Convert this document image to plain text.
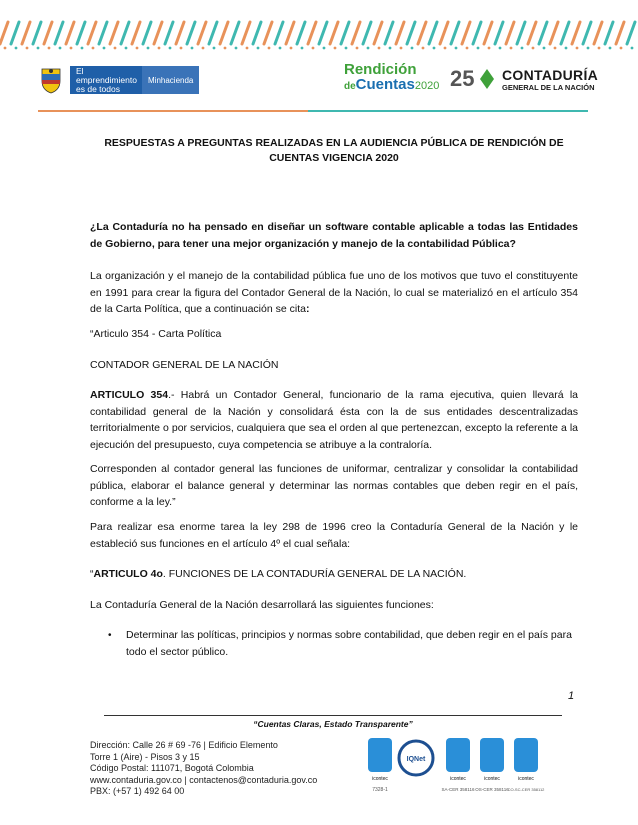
El emprendimiento
es de todos
Minhacienda
Rendición
deCuentas2020 25	CONTADURÍA
GENERAL DE LA NACIÓN
RESPUESTAS A PREGUNTAS REALIZADAS EN LA AUDIENCIA PÚBLICA DE RENDICIÓN DE
CUENTAS VIGENCIA 2020
¿La Contaduría no ha pensado en diseñar un software contable aplicable a todas las Entidades de Gobierno, para tener una mejor organización y manejo de la contabilidad Pública?
La organización y el manejo de la contabilidad pública fue uno de los motivos que tuvo el constituyente en 1991 para crear la figura del Contador General de la Nación, lo cual se materializó en el artículo 354 de la Carta Política, que a continuación se cita:
“Articulo 354 - Carta Política
CONTADOR GENERAL DE LA NACIÓN
ARTICULO 354.- Habrá un Contador General, funcionario de la rama ejecutiva, quien llevará la contabilidad general de la Nación y consolidará ésta con la de sus entidades descentralizadas territorialmente o por servicios, cualquiera que sea el orden al que pertenezcan, excepto la referente a la ejecución del presupuesto, cuya competencia se atribuye a la contraloría.
Corresponden al contador general las funciones de uniformar, centralizar y consolidar la contabilidad pública, elaborar el balance general y determinar las normas contables que deben regir en el país, conforme a la ley.”
Para realizar esa enorme tarea la ley 298 de 1996 creo la Contaduría General de la Nación y le estableció sus funciones en el artículo 4º el cual señala:
“ARTICULO 4o. FUNCIONES DE LA CONTADURÍA GENERAL DE LA NACIÓN.
La Contaduría General de la Nación desarrollará las siguientes funciones:
•	Determinar las políticas, principios y normas sobre contabilidad, que deben regir en el país para todo el sector público.
1
“Cuentas Claras, Estado Transparente”
Dirección: Calle 26 # 69 -76 | Edificio Elemento
Torre 1 (Aire) - Pisos 3 y 15
Código Postal: 111071, Bogotá Colombia
www.contaduria.gov.co | contactenos@contaduria.gov.co
PBX: (+57 1) 492 64 00
icontec
7328-1
IQNet
icontec
SA-CER 358116
icontec
OS-CER 358116
icontec
CO-SC-CER 358112
